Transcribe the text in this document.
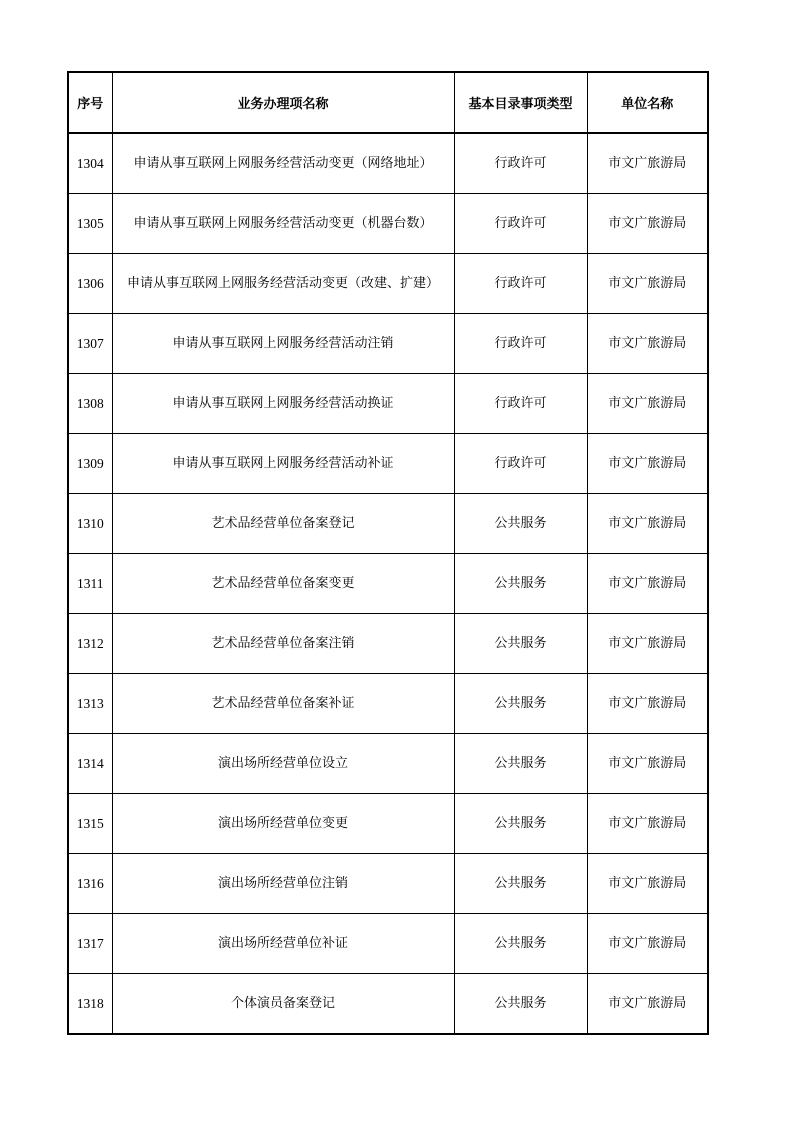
序号	业务办理项名称	基本目录事项类型	单位名称
1304	申请从事互联网上网服务经营活动变更（网络地址）	行政许可	市文广旅游局
1305	申请从事互联网上网服务经营活动变更（机器台数）	行政许可	市文广旅游局
1306	申请从事互联网上网服务经营活动变更（改建、扩建）	行政许可	市文广旅游局
1307	申请从事互联网上网服务经营活动注销	行政许可	市文广旅游局
1308	申请从事互联网上网服务经营活动换证	行政许可	市文广旅游局
1309	申请从事互联网上网服务经营活动补证	行政许可	市文广旅游局
1310	艺术品经营单位备案登记	公共服务	市文广旅游局
1311	艺术品经营单位备案变更	公共服务	市文广旅游局
1312	艺术品经营单位备案注销	公共服务	市文广旅游局
1313	艺术品经营单位备案补证	公共服务	市文广旅游局
1314	演出场所经营单位设立	公共服务	市文广旅游局
1315	演出场所经营单位变更	公共服务	市文广旅游局
1316	演出场所经营单位注销	公共服务	市文广旅游局
1317	演出场所经营单位补证	公共服务	市文广旅游局
1318	个体演员备案登记	公共服务	市文广旅游局
